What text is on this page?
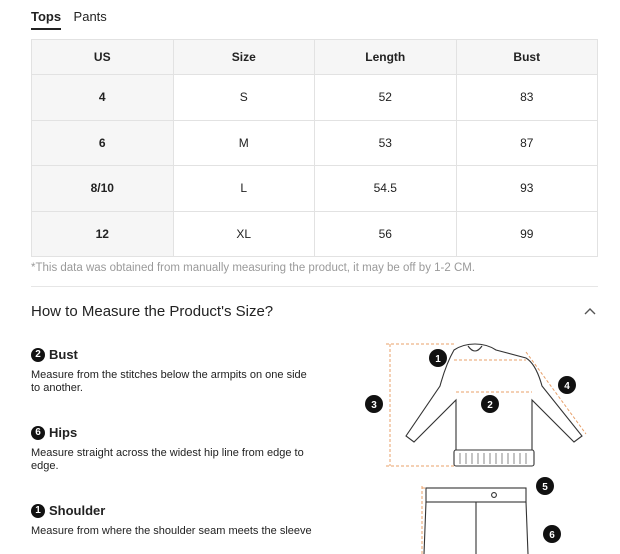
Tops Pants
US	Size	Length	Bust
4	S	52	83
6	M	53	87
8/10	L	54.5	93
12	XL	56	99
*This data was obtained from manually measuring the product, it may be off by 1-2 CM.
How to Measure the Product's Size?
2 Bust

Measure from the stitches below the armpits on one side to another.

6 Hips

Measure straight across the widest hip line from edge to edge.

1 Shoulder

Measure from where the shoulder seam meets the sleeve

1
2
3
4
5
6
